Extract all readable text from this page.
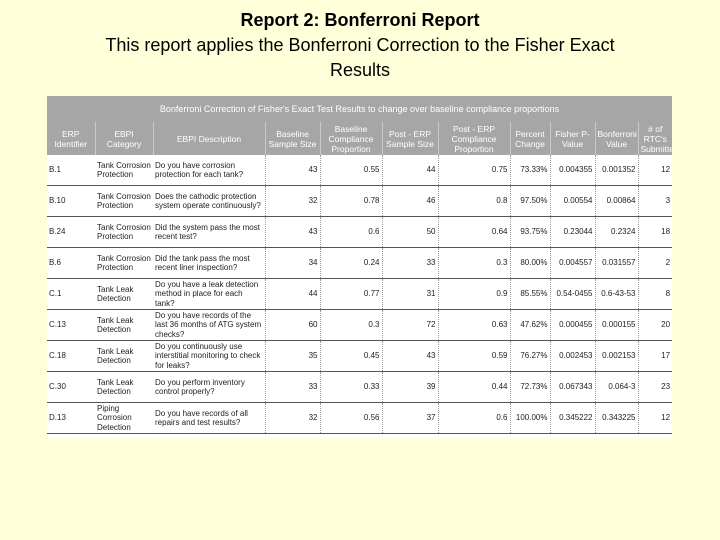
Report 2: Bonferroni Report
This report applies the Bonferroni Correction to the Fisher Exact
Results
Bonferroni Correction of Fisher's Exact Test Results to change over baseline compliance proportions										
ERP Identifier	EBPI Category	EBPI Description	Baseline Sample Size	Baseline Compliance Proportion	Post - ERP Sample Size	Post - ERP Compliance Proportion	Percent Change	Fisher P-Value	Bonferroni Value	# of RTC's Submitted
B.1	Tank Corrosion Protection	Do you have corrosion protection for each tank?	43	0.55	44	0.75	73.33%	0.004355	0.001352	12
B.10	Tank Corrosion Protection	Does the cathodic protection system operate continuously?	32	0.78	46	0.8	97.50%	0.00554	0.00864	3
B.24	Tank Corrosion Protection	Did the system pass the most recent test?	43	0.6	50	0.64	93.75%	0.23044	0.2324	18
B.6	Tank Corrosion Protection	Did the tank pass the most recent liner inspection?	34	0.24	33	0.3	80.00%	0.004557	0.031557	2
C.1	Tank Leak Detection	Do you have a leak detection method in place for each tank?	44	0.77	31	0.9	85.55%	0.54-0455	0.6-43-53	8
C.13	Tank Leak Detection	Do you have records of the last 36 months of ATG system checks?	60	0.3	72	0.63	47.62%	0.000455	0.000155	20
C.18	Tank Leak Detection	Do you continuously use interstitial monitoring to check for leaks?	35	0.45	43	0.59	76.27%	0.002453	0.002153	17
C.30	Tank Leak Detection	Do you perform inventory control properly?	33	0.33	39	0.44	72.73%	0.067343	0.064-3	23
D.13	Piping Corrosion Detection	Do you have records of all repairs and test results?	32	0.56	37	0.6	100.00%	0.345222	0.343225	12
